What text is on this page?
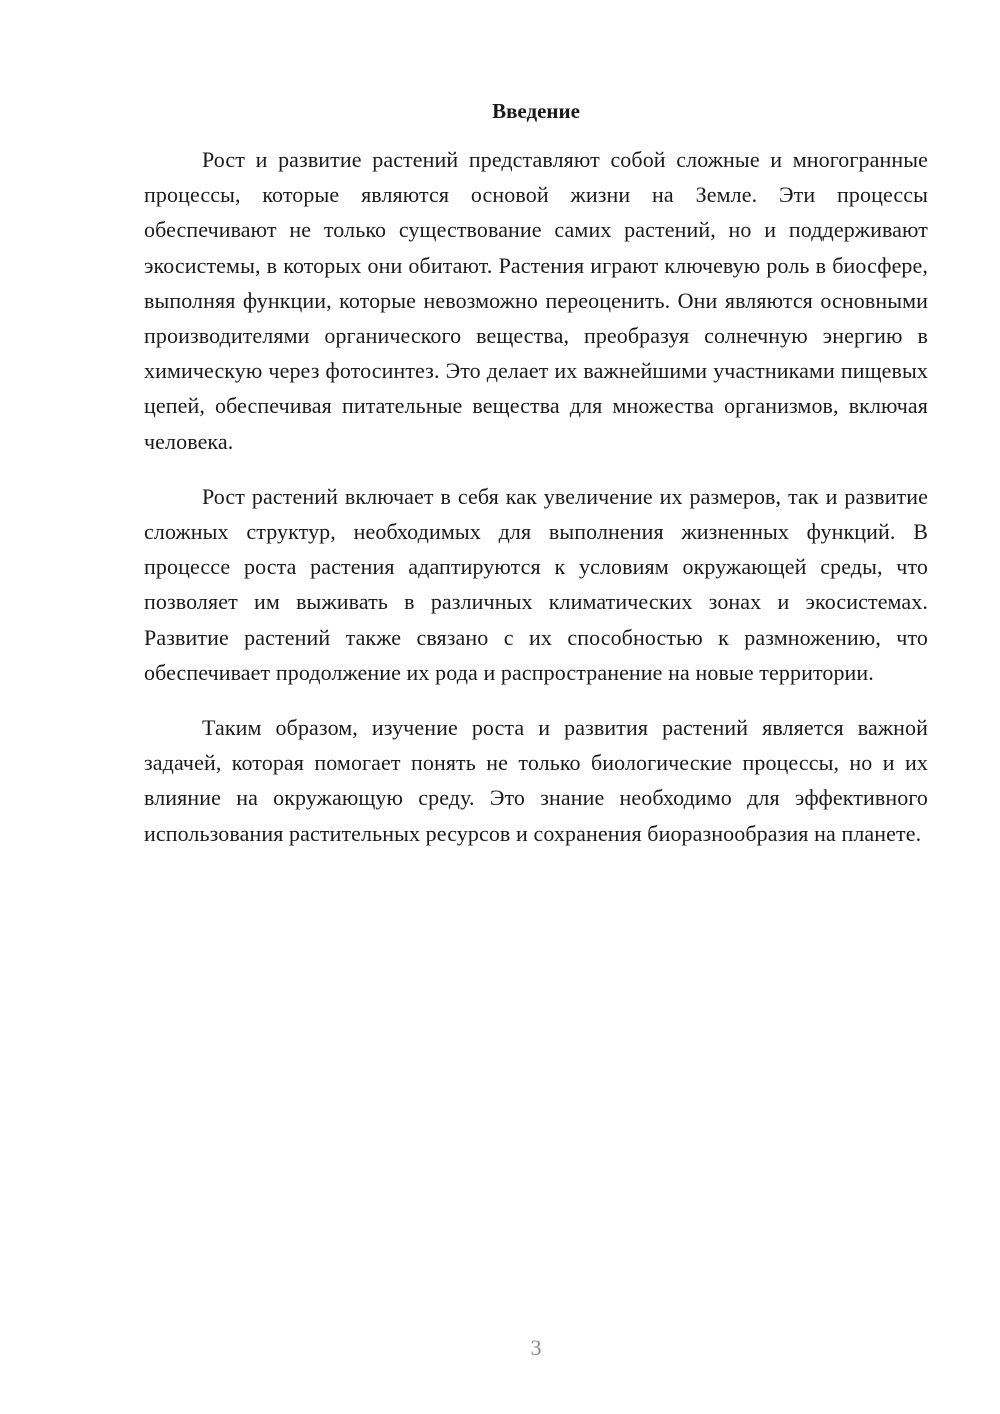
Введение

Рост и развитие растений представляют собой сложные и многогранные процессы, которые являются основой жизни на Земле. Эти процессы обеспечивают не только существование самих растений, но и поддерживают экосистемы, в которых они обитают. Растения играют ключевую роль в биосфере, выполняя функции, которые невозможно переоценить. Они являются основными производителями органического вещества, преобразуя солнечную энергию в химическую через фотосинтез. Это делает их важнейшими участниками пищевых цепей, обеспечивая питательные вещества для множества организмов, включая человека.

Рост растений включает в себя как увеличение их размеров, так и развитие сложных структур, необходимых для выполнения жизненных функций. В процессе роста растения адаптируются к условиям окружающей среды, что позволяет им выживать в различных климатических зонах и экосистемах. Развитие растений также связано с их способностью к размножению, что обеспечивает продолжение их рода и распространение на новые территории.

Таким образом, изучение роста и развития растений является важной задачей, которая помогает понять не только биологические процессы, но и их влияние на окружающую среду. Это знание необходимо для эффективного использования растительных ресурсов и сохранения биоразнообразия на планете.

3
